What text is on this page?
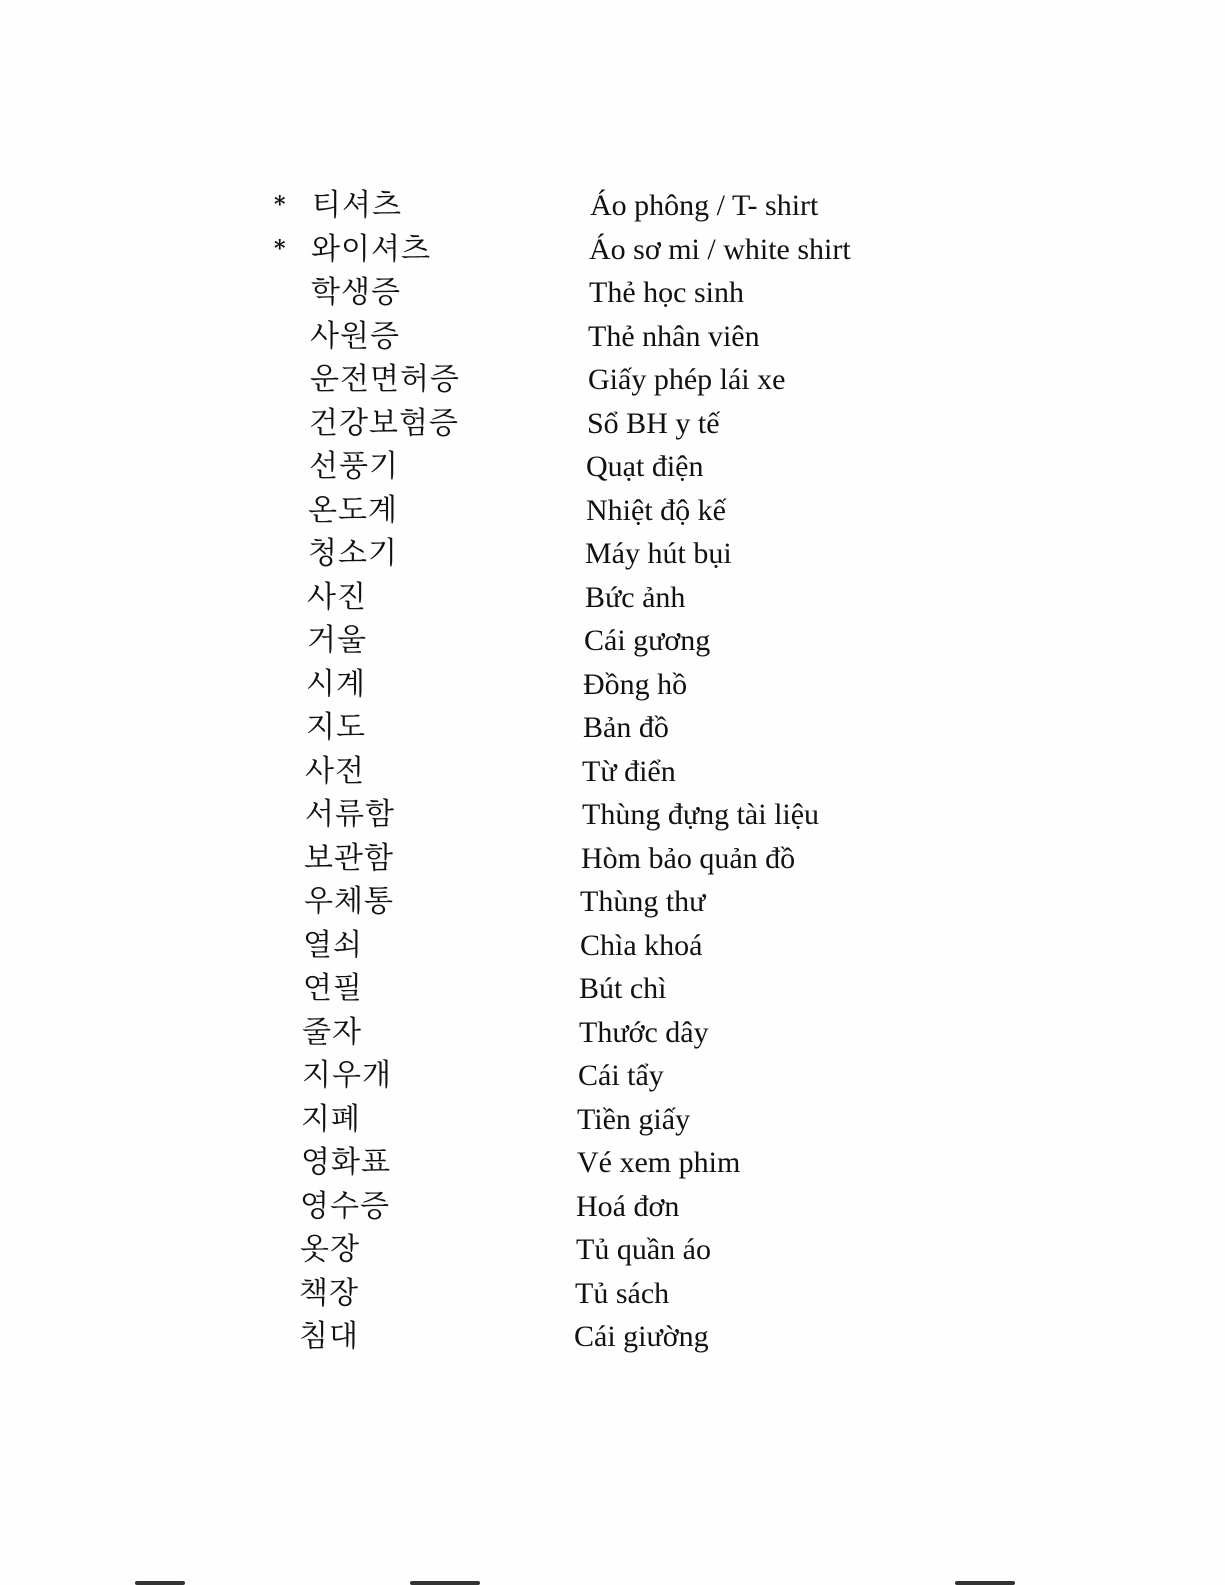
* 티셔츠	Áo phông / T- shirt
* 와이셔츠	Áo sơ mi / white shirt
학생증	Thẻ học sinh
사원증	Thẻ nhân viên
운전면허증	Giấy phép lái xe
건강보험증	Sổ BH y tế
선풍기	Quạt điện
온도계	Nhiệt độ kế
청소기	Máy hút bụi
사진	Bức ảnh
거울	Cái gương
시계	Đồng hồ
지도	Bản đồ
사전	Từ điển
서류함	Thùng đựng tài liệu
보관함	Hòm bảo quản đồ
우체통	Thùng thư
열쇠	Chìa khoá
연필	Bút chì
줄자	Thước dây
지우개	Cái tẩy
지폐	Tiền giấy
영화표	Vé xem phim
영수증	Hoá đơn
옷장	Tủ quần áo
책장	Tủ sách
침대	Cái giường
